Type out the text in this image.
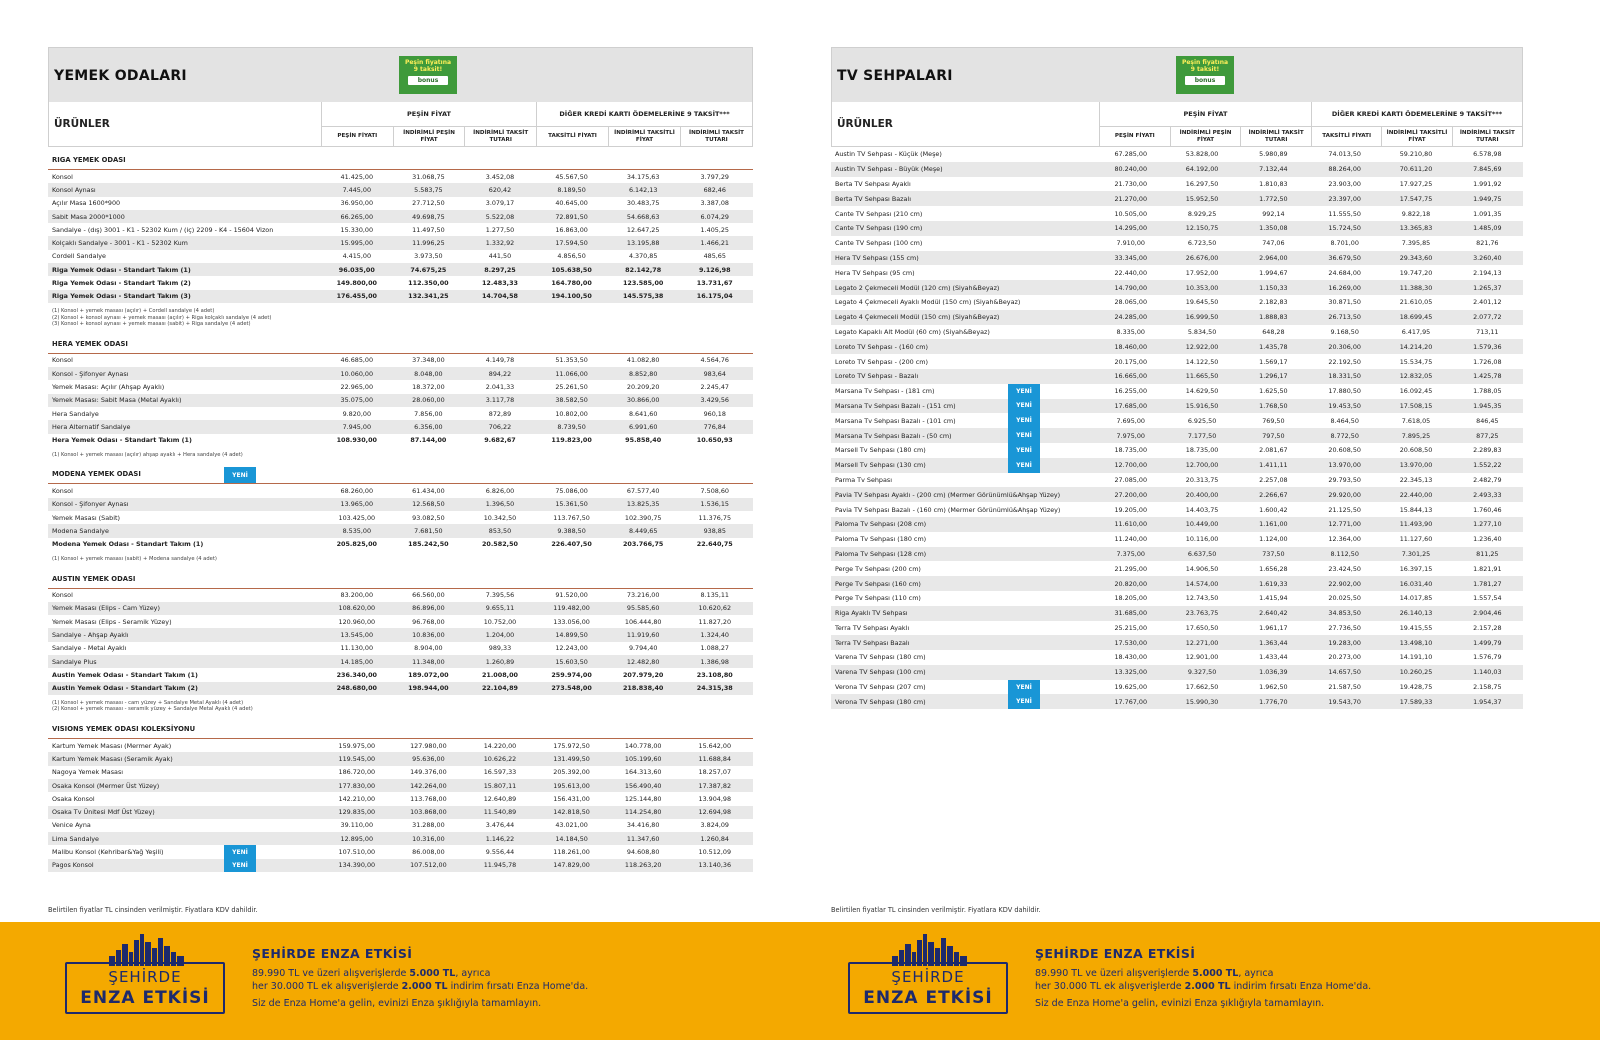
YEMEK ODALARI
Peşin fiyatına
9 taksit!
bonus
ÜRÜNLER
PEŞİN FİYAT
PEŞİN FİYATI
İNDİRİMLİ PEŞİN FİYAT
İNDİRİMLİ TAKSİT TUTARI
DİĞER KREDİ KARTI ÖDEMELERİNE 9 TAKSİT***
TAKSİTLİ FİYATI
İNDİRİMLİ TAKSİTLİ FİYAT
İNDİRİMLİ TAKSİT TUTARI
RIGA YEMEK ODASI
Konsol	41.425,00	31.068,75	3.452,08	45.567,50	34.175,63	3.797,29
Konsol Aynası	7.445,00	5.583,75	620,42	8.189,50	6.142,13	682,46
Açılır Masa 1600*900	36.950,00	27.712,50	3.079,17	40.645,00	30.483,75	3.387,08
Sabit Masa 2000*1000	66.265,00	49.698,75	5.522,08	72.891,50	54.668,63	6.074,29
Sandalye - (dış) 3001 - K1 - 52302 Kum / (iç) 2209 - K4 - 15604 Vizon	15.330,00	11.497,50	1.277,50	16.863,00	12.647,25	1.405,25
Kolçaklı Sandalye - 3001 - K1 - 52302 Kum	15.995,00	11.996,25	1.332,92	17.594,50	13.195,88	1.466,21
Cordell Sandalye	4.415,00	3.973,50	441,50	4.856,50	4.370,85	485,65
Riga Yemek Odası - Standart Takım (1)	96.035,00	74.675,25	8.297,25	105.638,50	82.142,78	9.126,98
Riga Yemek Odası - Standart Takım (2)	149.800,00	112.350,00	12.483,33	164.780,00	123.585,00	13.731,67
Riga Yemek Odası - Standart Takım (3)	176.455,00	132.341,25	14.704,58	194.100,50	145.575,38	16.175,04
(1) Konsol + yemek masası (açılır) + Cordell sandalye (4 adet)
(2) Konsol + konsol aynası + yemek masası (açılır) + Riga kolçaklı sandalye (4 adet)
(3) Konsol + konsol aynası + yemek masası (sabit) + Riga sandalye (4 adet)
HERA YEMEK ODASI
Konsol	46.685,00	37.348,00	4.149,78	51.353,50	41.082,80	4.564,76
Konsol - Şifonyer Aynası	10.060,00	8.048,00	894,22	11.066,00	8.852,80	983,64
Yemek Masası: Açılır (Ahşap Ayaklı)	22.965,00	18.372,00	2.041,33	25.261,50	20.209,20	2.245,47
Yemek Masası: Sabit Masa (Metal Ayaklı)	35.075,00	28.060,00	3.117,78	38.582,50	30.866,00	3.429,56
Hera Sandalye	9.820,00	7.856,00	872,89	10.802,00	8.641,60	960,18
Hera Alternatif Sandalye	7.945,00	6.356,00	706,22	8.739,50	6.991,60	776,84
Hera Yemek Odası - Standart Takım (1)	108.930,00	87.144,00	9.682,67	119.823,00	95.858,40	10.650,93
(1) Konsol + yemek masası (açılır) ahşap ayaklı + Hera sandalye (4 adet)
MODENA YEMEK ODASI	YENİ
Konsol	68.260,00	61.434,00	6.826,00	75.086,00	67.577,40	7.508,60
Konsol - Şifonyer Aynası	13.965,00	12.568,50	1.396,50	15.361,50	13.825,35	1.536,15
Yemek Masası (Sabit)	103.425,00	93.082,50	10.342,50	113.767,50	102.390,75	11.376,75
Modena Sandalye	8.535,00	7.681,50	853,50	9.388,50	8.449,65	938,85
Modena Yemek Odası - Standart Takım (1)	205.825,00	185.242,50	20.582,50	226.407,50	203.766,75	22.640,75
(1) Konsol + yemek masası (sabit) + Modena sandalye (4 adet)
AUSTIN YEMEK ODASI
Konsol	83.200,00	66.560,00	7.395,56	91.520,00	73.216,00	8.135,11
Yemek Masası (Elips - Cam Yüzey)	108.620,00	86.896,00	9.655,11	119.482,00	95.585,60	10.620,62
Yemek Masası (Elips - Seramik Yüzey)	120.960,00	96.768,00	10.752,00	133.056,00	106.444,80	11.827,20
Sandalye - Ahşap Ayaklı	13.545,00	10.836,00	1.204,00	14.899,50	11.919,60	1.324,40
Sandalye - Metal Ayaklı	11.130,00	8.904,00	989,33	12.243,00	9.794,40	1.088,27
Sandalye Plus	14.185,00	11.348,00	1.260,89	15.603,50	12.482,80	1.386,98
Austin Yemek Odası - Standart Takım (1)	236.340,00	189.072,00	21.008,00	259.974,00	207.979,20	23.108,80
Austin Yemek Odası - Standart Takım (2)	248.680,00	198.944,00	22.104,89	273.548,00	218.838,40	24.315,38
(1) Konsol + yemek masası - cam yüzey + Sandalye Metal Ayaklı (4 adet)
(2) Konsol + yemek masası - seramik yüzey + Sandalye Metal Ayaklı (4 adet)
VISIONS YEMEK ODASI KOLEKSİYONU
Kartum Yemek Masası (Mermer Ayak)	159.975,00	127.980,00	14.220,00	175.972,50	140.778,00	15.642,00
Kartum Yemek Masası (Seramik Ayak)	119.545,00	95.636,00	10.626,22	131.499,50	105.199,60	11.688,84
Nagoya Yemek Masası	186.720,00	149.376,00	16.597,33	205.392,00	164.313,60	18.257,07
Osaka Konsol (Mermer Üst Yüzey)	177.830,00	142.264,00	15.807,11	195.613,00	156.490,40	17.387,82
Osaka Konsol	142.210,00	113.768,00	12.640,89	156.431,00	125.144,80	13.904,98
Osaka Tv Ünitesi Mdf Üst Yüzey)	129.835,00	103.868,00	11.540,89	142.818,50	114.254,80	12.694,98
Venice Ayna	39.110,00	31.288,00	3.476,44	43.021,00	34.416,80	3.824,09
Lima Sandalye	12.895,00	10.316,00	1.146,22	14.184,50	11.347,60	1.260,84
Malibu Konsol (Kehribar&Yağ Yeşili)	YENİ	107.510,00	86.008,00	9.556,44	118.261,00	94.608,80	10.512,09
Pagos Konsol	YENİ	134.390,00	107.512,00	11.945,78	147.829,00	118.263,20	13.140,36
Belirtilen fiyatlar TL cinsinden verilmiştir. Fiyatlara KDV dahildir.
ŞEHİRDE
ENZA ETKİSİ
ŞEHİRDE ENZA ETKİSİ
89.990 TL ve üzeri alışverişlerde 5.000 TL, ayrıca
her 30.000 TL ek alışverişlerde 2.000 TL indirim fırsatı Enza Home'da.
Siz de Enza Home'a gelin, evinizi Enza şıklığıyla tamamlayın.
TV SEHPALARI
Peşin fiyatına
9 taksit!
bonus
ÜRÜNLER
PEŞİN FİYAT
PEŞİN FİYATI
İNDİRİMLİ PEŞİN FİYAT
İNDİRİMLİ TAKSİT TUTARI
DİĞER KREDİ KARTI ÖDEMELERİNE 9 TAKSİT***
TAKSİTLİ FİYATI
İNDİRİMLİ TAKSİTLİ FİYAT
İNDİRİMLİ TAKSİT TUTARI
Austin TV Sehpası - Küçük (Meşe)	67.285,00	53.828,00	5.980,89	74.013,50	59.210,80	6.578,98
Austin TV Sehpası - Büyük (Meşe)	80.240,00	64.192,00	7.132,44	88.264,00	70.611,20	7.845,69
Berta TV Sehpası Ayaklı	21.730,00	16.297,50	1.810,83	23.903,00	17.927,25	1.991,92
Berta TV Sehpası Bazalı	21.270,00	15.952,50	1.772,50	23.397,00	17.547,75	1.949,75
Cante TV Sehpası (210 cm)	10.505,00	8.929,25	992,14	11.555,50	9.822,18	1.091,35
Cante TV Sehpası (190 cm)	14.295,00	12.150,75	1.350,08	15.724,50	13.365,83	1.485,09
Cante TV Sehpası (100 cm)	7.910,00	6.723,50	747,06	8.701,00	7.395,85	821,76
Hera TV Sehpası (155 cm)	33.345,00	26.676,00	2.964,00	36.679,50	29.343,60	3.260,40
Hera TV Sehpası (95 cm)	22.440,00	17.952,00	1.994,67	24.684,00	19.747,20	2.194,13
Legato 2 Çekmeceli Modül (120 cm) (Siyah&Beyaz)	14.790,00	10.353,00	1.150,33	16.269,00	11.388,30	1.265,37
Legato 4 Çekmeceli Ayaklı Modül (150 cm) (Siyah&Beyaz)	28.065,00	19.645,50	2.182,83	30.871,50	21.610,05	2.401,12
Legato 4 Çekmeceli Modül (150 cm) (Siyah&Beyaz)	24.285,00	16.999,50	1.888,83	26.713,50	18.699,45	2.077,72
Legato Kapaklı Alt Modül (60 cm) (Siyah&Beyaz)	8.335,00	5.834,50	648,28	9.168,50	6.417,95	713,11
Loreto TV Sehpası - (160 cm)	18.460,00	12.922,00	1.435,78	20.306,00	14.214,20	1.579,36
Loreto TV Sehpası - (200 cm)	20.175,00	14.122,50	1.569,17	22.192,50	15.534,75	1.726,08
Loreto TV Sehpası - Bazalı	16.665,00	11.665,50	1.296,17	18.331,50	12.832,05	1.425,78
Marsana Tv Sehpası - (181 cm)	YENİ	16.255,00	14.629,50	1.625,50	17.880,50	16.092,45	1.788,05
Marsana Tv Sehpası Bazalı - (151 cm)	YENİ	17.685,00	15.916,50	1.768,50	19.453,50	17.508,15	1.945,35
Marsana Tv Sehpası Bazalı - (101 cm)	YENİ	7.695,00	6.925,50	769,50	8.464,50	7.618,05	846,45
Marsana Tv Sehpası Bazalı - (50 cm)	YENİ	7.975,00	7.177,50	797,50	8.772,50	7.895,25	877,25
Marsell Tv Sehpası (180 cm)	YENİ	18.735,00	18.735,00	2.081,67	20.608,50	20.608,50	2.289,83
Marsell Tv Sehpası (130 cm)	YENİ	12.700,00	12.700,00	1.411,11	13.970,00	13.970,00	1.552,22
Parma Tv Sehpası	27.085,00	20.313,75	2.257,08	29.793,50	22.345,13	2.482,79
Pavia TV Sehpası Ayaklı - (200 cm) (Mermer Görünümlü&Ahşap Yüzey)	27.200,00	20.400,00	2.266,67	29.920,00	22.440,00	2.493,33
Pavia TV Sehpası Bazalı - (160 cm) (Mermer Görünümlü&Ahşap Yüzey)	19.205,00	14.403,75	1.600,42	21.125,50	15.844,13	1.760,46
Paloma Tv Sehpası (208 cm)	11.610,00	10.449,00	1.161,00	12.771,00	11.493,90	1.277,10
Paloma Tv Sehpası (180 cm)	11.240,00	10.116,00	1.124,00	12.364,00	11.127,60	1.236,40
Paloma Tv Sehpası (128 cm)	7.375,00	6.637,50	737,50	8.112,50	7.301,25	811,25
Perge Tv Sehpası (200 cm)	21.295,00	14.906,50	1.656,28	23.424,50	16.397,15	1.821,91
Perge Tv Sehpası (160 cm)	20.820,00	14.574,00	1.619,33	22.902,00	16.031,40	1.781,27
Perge Tv Sehpası (110 cm)	18.205,00	12.743,50	1.415,94	20.025,50	14.017,85	1.557,54
Riga Ayaklı TV Sehpası	31.685,00	23.763,75	2.640,42	34.853,50	26.140,13	2.904,46
Terra TV Sehpası Ayaklı	25.215,00	17.650,50	1.961,17	27.736,50	19.415,55	2.157,28
Terra TV Sehpası Bazalı	17.530,00	12.271,00	1.363,44	19.283,00	13.498,10	1.499,79
Varena TV Sehpası (180 cm)	18.430,00	12.901,00	1.433,44	20.273,00	14.191,10	1.576,79
Varena TV Sehpası (100 cm)	13.325,00	9.327,50	1.036,39	14.657,50	10.260,25	1.140,03
Verona TV Sehpası (207 cm)	YENİ	19.625,00	17.662,50	1.962,50	21.587,50	19.428,75	2.158,75
Verona TV Sehpası (180 cm)	YENİ	17.767,00	15.990,30	1.776,70	19.543,70	17.589,33	1.954,37
Belirtilen fiyatlar TL cinsinden verilmiştir. Fiyatlara KDV dahildir.
ŞEHİRDE
ENZA ETKİSİ
ŞEHİRDE ENZA ETKİSİ
89.990 TL ve üzeri alışverişlerde 5.000 TL, ayrıca
her 30.000 TL ek alışverişlerde 2.000 TL indirim fırsatı Enza Home'da.
Siz de Enza Home'a gelin, evinizi Enza şıklığıyla tamamlayın.
